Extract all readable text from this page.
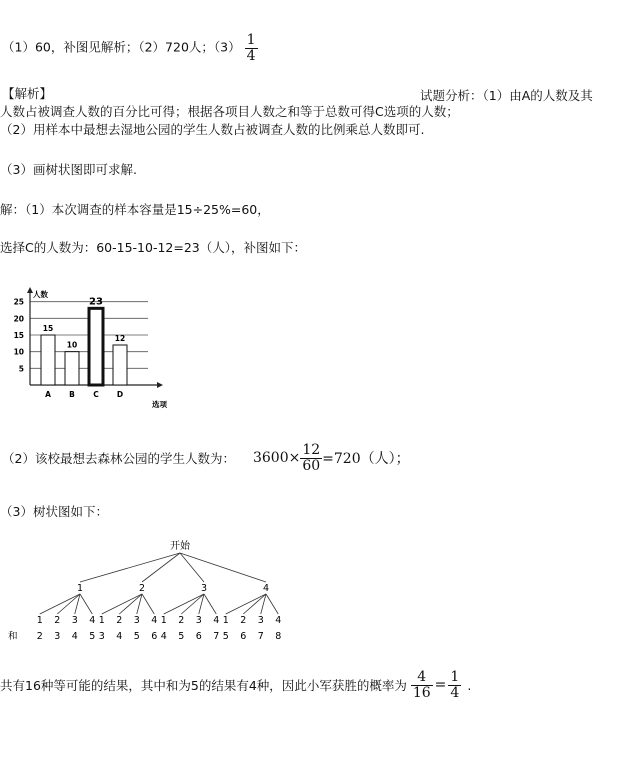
（1）60，补图见解析；（2）720人；$(3) \frac{1}{4}$
【解析】	试题分析：（1）由A的人数及其
人数占被调查人数的百分比可得；根据各项目人数之和等于总数可得C选项的人数；
（2）用样本中最想去湿地公园的学生人数占被调查人数的比例乘总人数即可.
（3）画树状图即可求解.
解：（1）本次调查的样本容量是15÷25%=60，
选择C的人数为：60-15-10-12=23（人），补图如下：
5
10
15
20
25
人数
选项
15
A
10
B
23
C
12
D
（2）该校最想去森林公园的学生人数为： $3600\times \frac{12}{60} =720$（人）；
（3）树状图如下：
开始
和
1
1
2
2
3
3
4
4
5
2
1
3
2
4
3
5
4
6
3
1
4
2
5
3
6
4
7
4
1
5
2
6
3
7
4
8
共有16种等可能的结果，其中和为5的结果有4种，因此小军获胜的概率为 $\frac{4}{16} = \frac{1}{4}$ .
